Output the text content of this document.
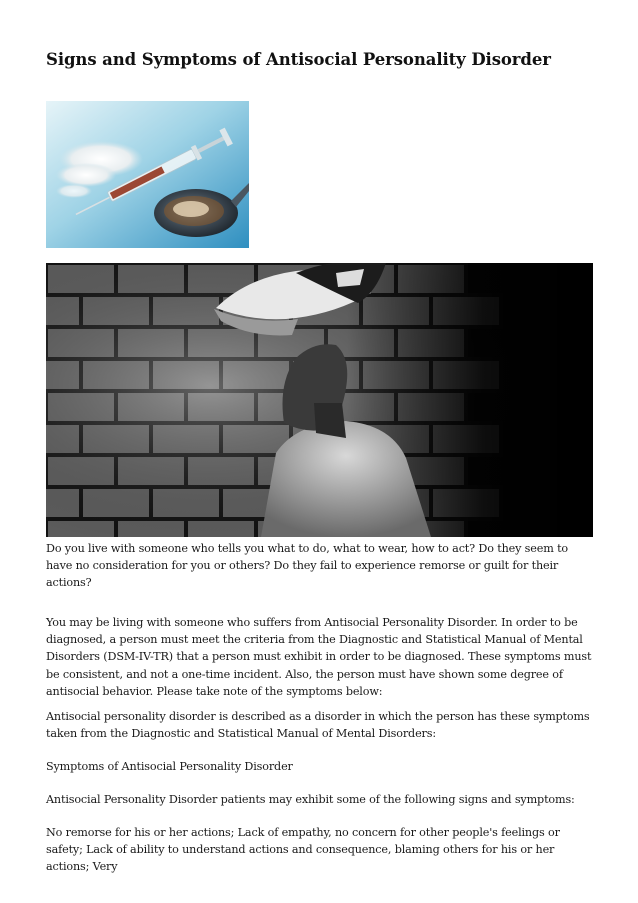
Signs and Symptoms of Antisocial Personality Disorder

Do you live with someone who tells you what to do, what to wear, how to act? Do they seem to have no consideration for you or others? Do they fail to experience remorse or guilt for their actions?

You may be living with someone who suffers from Antisocial Personality Disorder. In order to be diagnosed, a person must meet the criteria from the Diagnostic and Statistical Manual of Mental Disorders (DSM-IV-TR) that a person must exhibit in order to be diagnosed. These symptoms must be consistent, and not a one-time incident. Also, the person must have shown some degree of antisocial behavior. Please take note of the symptoms below:

Antisocial personality disorder is described as a disorder in which the person has these symptoms taken from the Diagnostic and Statistical Manual of Mental Disorders:

Symptoms of Antisocial Personality Disorder

Antisocial Personality Disorder patients may exhibit some of the following signs and symptoms:

No remorse for his or her actions; Lack of empathy, no concern for other people's feelings or safety; Lack of ability to understand actions and consequence, blaming others for his or her actions; Very
